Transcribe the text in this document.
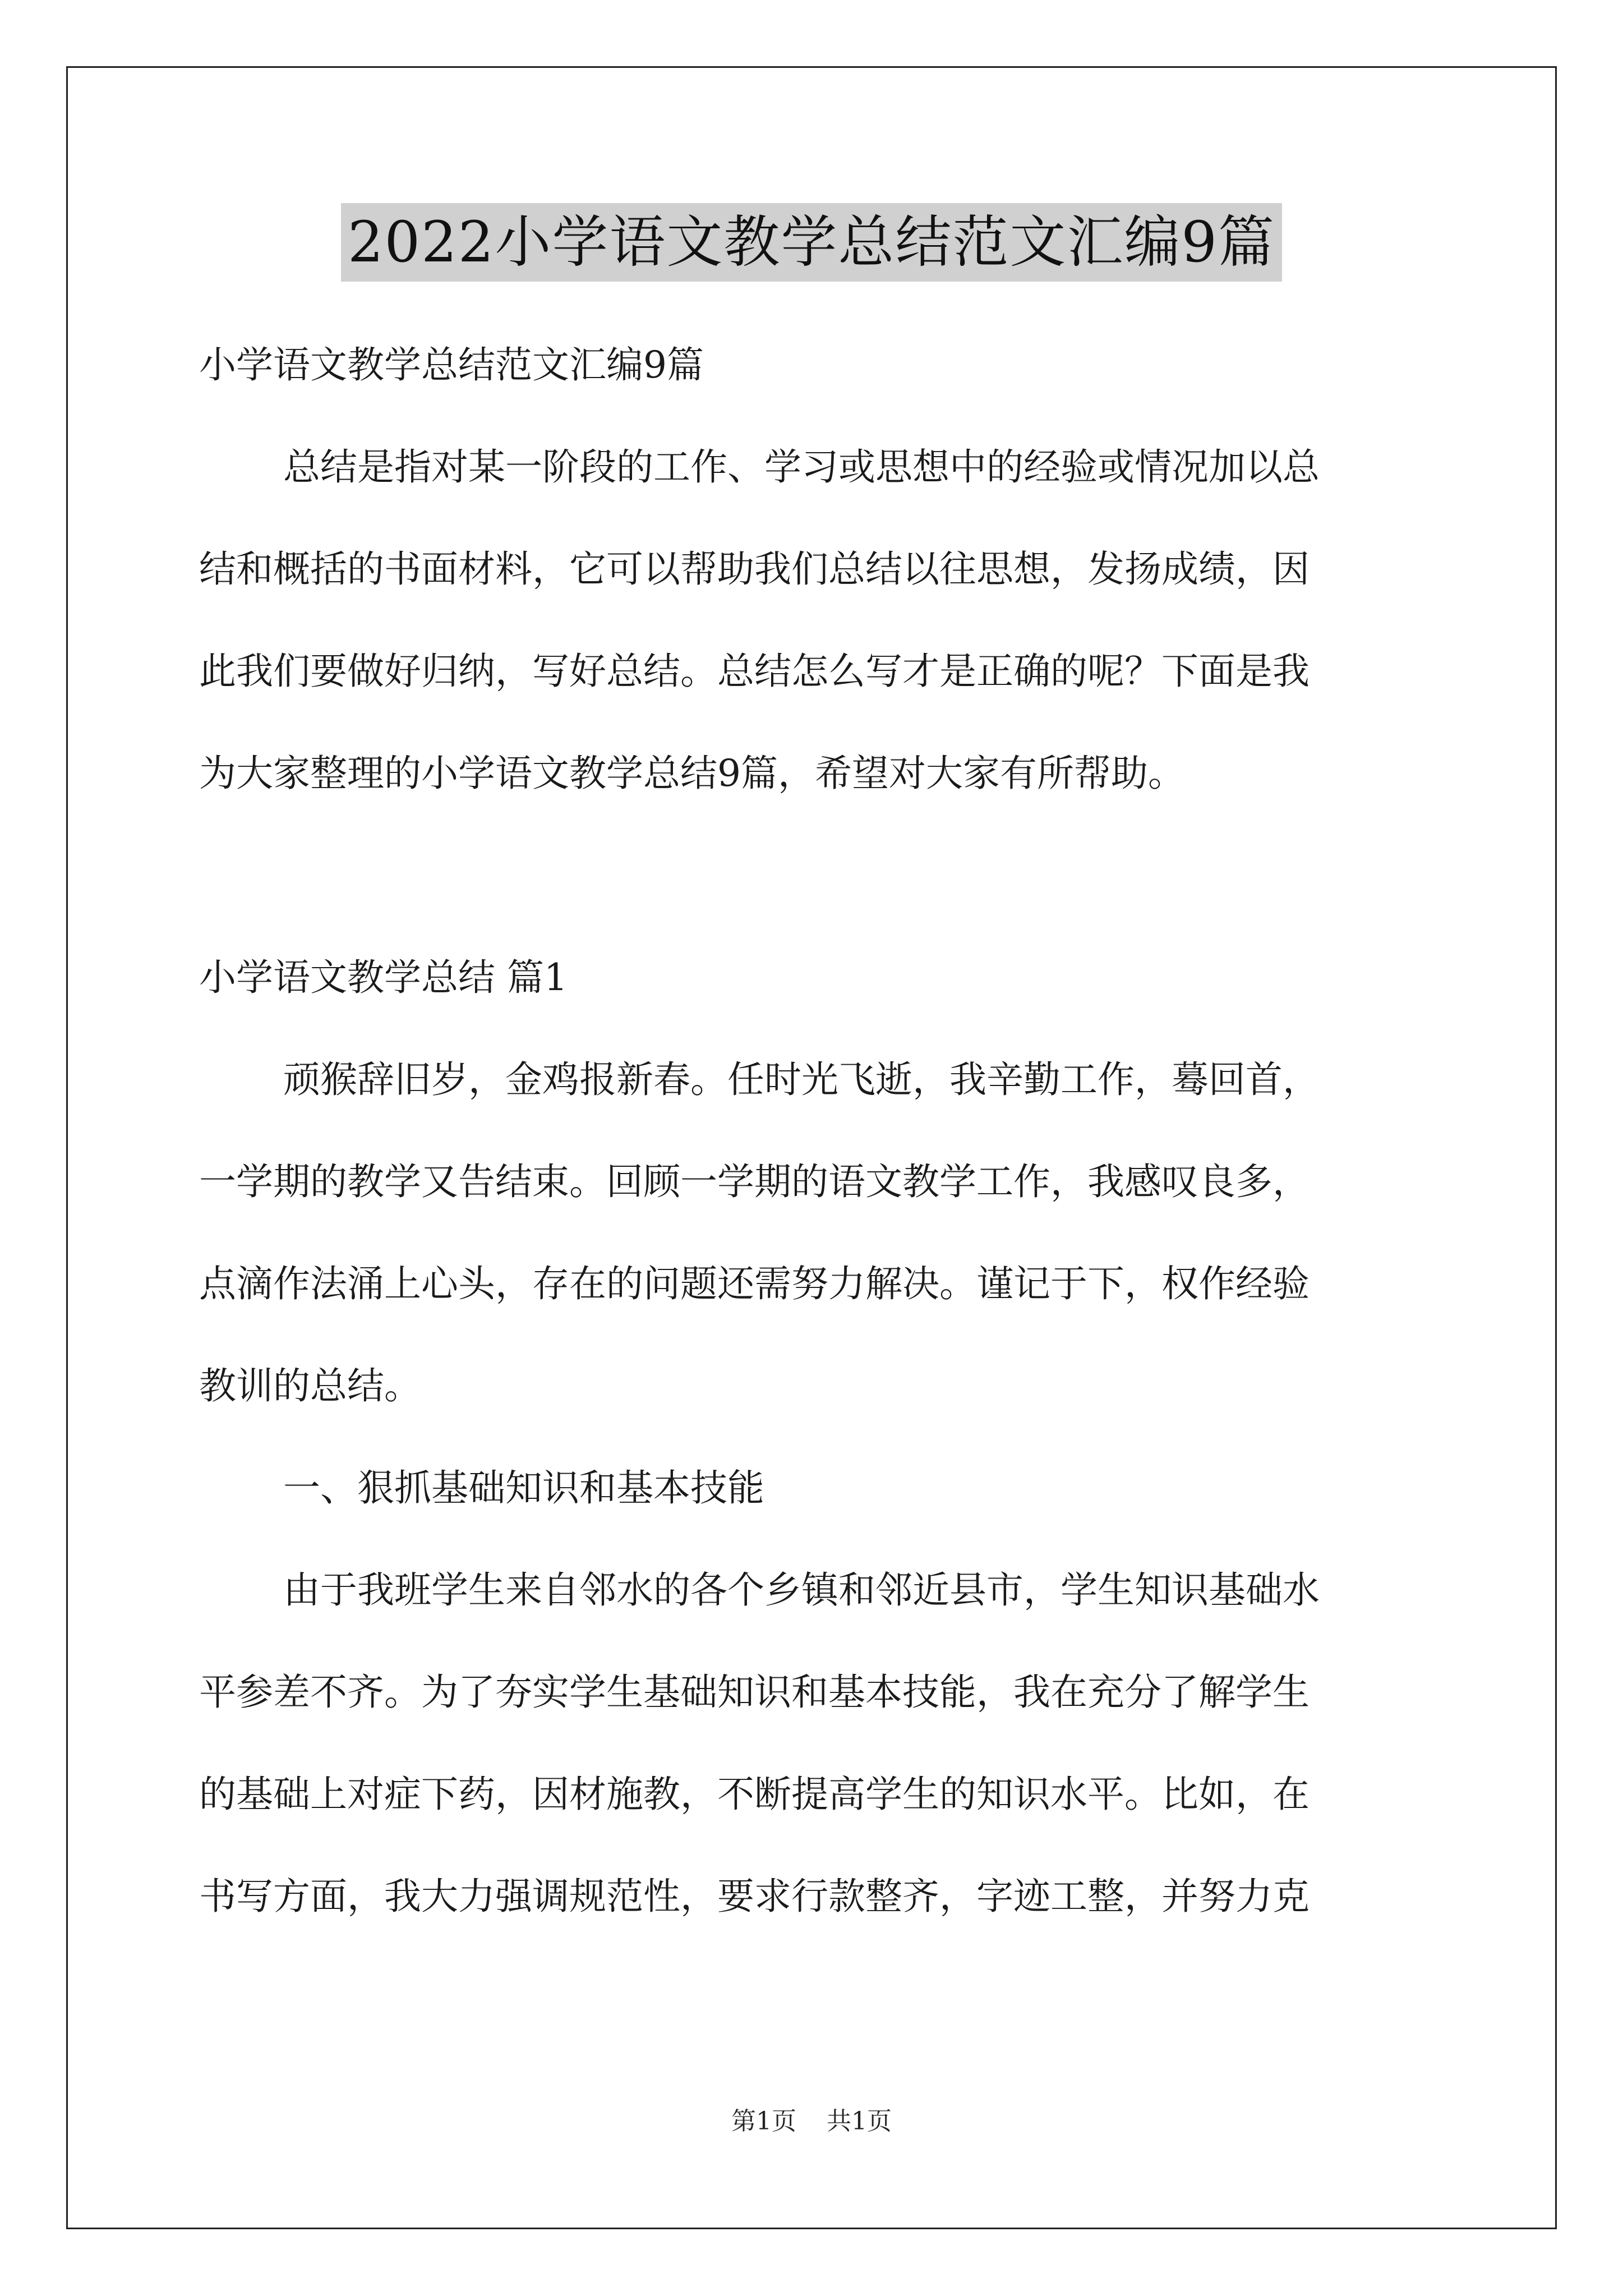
2022小学语文教学总结范文汇编9篇

小学语文教学总结范文汇编9篇

总结是指对某一阶段的工作、学习或思想中的经验或情况加以总

结和概括的书面材料，它可以帮助我们总结以往思想，发扬成绩，因

此我们要做好归纳，写好总结。总结怎么写才是正确的呢？下面是我

为大家整理的小学语文教学总结9篇，希望对大家有所帮助。

小学语文教学总结 篇1

顽猴辞旧岁，金鸡报新春。任时光飞逝，我辛勤工作，蓦回首，

一学期的教学又告结束。回顾一学期的语文教学工作，我感叹良多，

点滴作法涌上心头，存在的问题还需努力解决。谨记于下，权作经验

教训的总结。

一、狠抓基础知识和基本技能

由于我班学生来自邻水的各个乡镇和邻近县市，学生知识基础水

平参差不齐。为了夯实学生基础知识和基本技能，我在充分了解学生

的基础上对症下药，因材施教，不断提高学生的知识水平。比如，在

书写方面，我大力强调规范性，要求行款整齐，字迹工整，并努力克

第1页 共1页
